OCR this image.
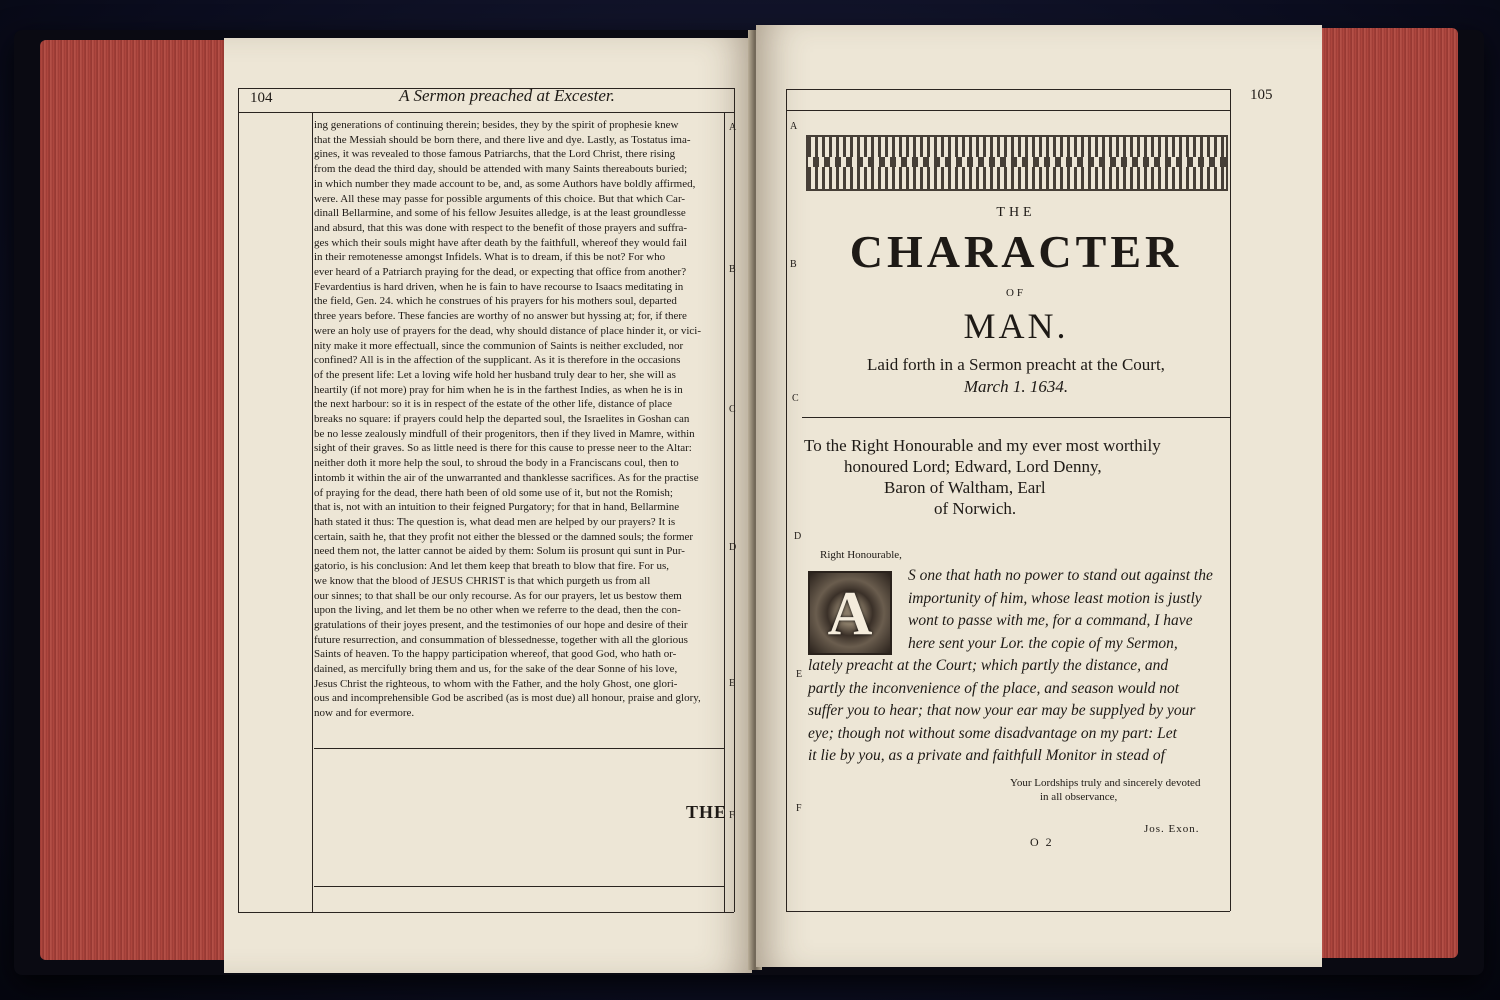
104	A Sermon preached at Excester.

ing generations of continuing therein; besides, they by the spirit of prophesie knew

that the Messiah should be born there, and there live and dye. Lastly, as Tostatus ima-

gines, it was revealed to those famous Patriarchs, that the Lord Christ, there rising

from the dead the third day, should be attended with many Saints thereabouts buried;

in which number they made account to be, and, as some Authors have boldly affirmed,

were. All these may passe for possible arguments of this choice. But that which Car-

dinall Bellarmine, and some of his fellow Jesuites alledge, is at the least groundlesse

and absurd, that this was done with respect to the benefit of those prayers and suffra-

ges which their souls might have after death by the faithfull, whereof they would fail

in their remotenesse amongst Infidels. What is to dream, if this be not? For who

ever heard of a Patriarch praying for the dead, or expecting that office from another?

Fevardentius is hard driven, when he is fain to have recourse to Isaacs meditating in

the field, Gen. 24. which he construes of his prayers for his mothers soul, departed

three years before. These fancies are worthy of no answer but hyssing at; for, if there

were an holy use of prayers for the dead, why should distance of place hinder it, or vici-

nity make it more effectuall, since the communion of Saints is neither excluded, nor

confined? All is in the affection of the supplicant. As it is therefore in the occasions

of the present life: Let a loving wife hold her husband truly dear to her, she will as

heartily (if not more) pray for him when he is in the farthest Indies, as when he is in

the next harbour: so it is in respect of the estate of the other life, distance of place

breaks no square: if prayers could help the departed soul, the Israelites in Goshan can

be no lesse zealously mindfull of their progenitors, then if they lived in Mamre, within

sight of their graves. So as little need is there for this cause to presse neer to the Altar:

neither doth it more help the soul, to shroud the body in a Franciscans coul, then to

intomb it within the air of the unwarranted and thanklesse sacrifices. As for the practise

of praying for the dead, there hath been of old some use of it, but not the Romish;

that is, not with an intuition to their feigned Purgatory; for that in hand, Bellarmine

hath stated it thus: The question is, what dead men are helped by our prayers? It is

certain, saith he, that they profit not either the blessed or the damned souls; the former

need them not, the latter cannot be aided by them: Solum iis prosunt qui sunt in Pur-

gatorio, is his conclusion: And let them keep that breath to blow that fire. For us,

we know that the blood of JESUS CHRIST is that which purgeth us from all

our sinnes; to that shall be our only recourse. As for our prayers, let us bestow them

upon the living, and let them be no other when we referre to the dead, then the con-

gratulations of their joyes present, and the testimonies of our hope and desire of their

future resurrection, and consummation of blessednesse, together with all the glorious

Saints of heaven. To the happy participation whereof, that good God, who hath or-

dained, as mercifully bring them and us, for the sake of the dear Sonne of his love,

Jesus Christ the righteous, to whom with the Father, and the holy Ghost, one glori-

ous and incomprehensible God be ascribed (as is most due) all honour, praise and glory,

now and for evermore.

A
B
C
D
E
F
THE
105
A
B
C
D
E
F
THE
CHARACTER
OF
MAN.
Laid forth in a Sermon preacht at the Court,
March 1. 1634.
To the Right Honourable and my ever most worthily
honoured Lord; Edward, Lord Denny,
Baron of Waltham, Earl
of Norwich.
Right Honourable,
A
S one that hath no power to stand out against the
importunity of him, whose least motion is justly
wont to passe with me, for a command, I have
here sent your Lor. the copie of my Sermon,
lately preacht at the Court; which partly the distance, and
partly the inconvenience of the place, and season would not
suffer you to hear; that now your ear may be supplyed by your
eye; though not without some disadvantage on my part: Let
it lie by you, as a private and faithfull Monitor in stead of
Your Lordships truly and sincerely devoted
in all observance,
O 2
Jos. Exon.
